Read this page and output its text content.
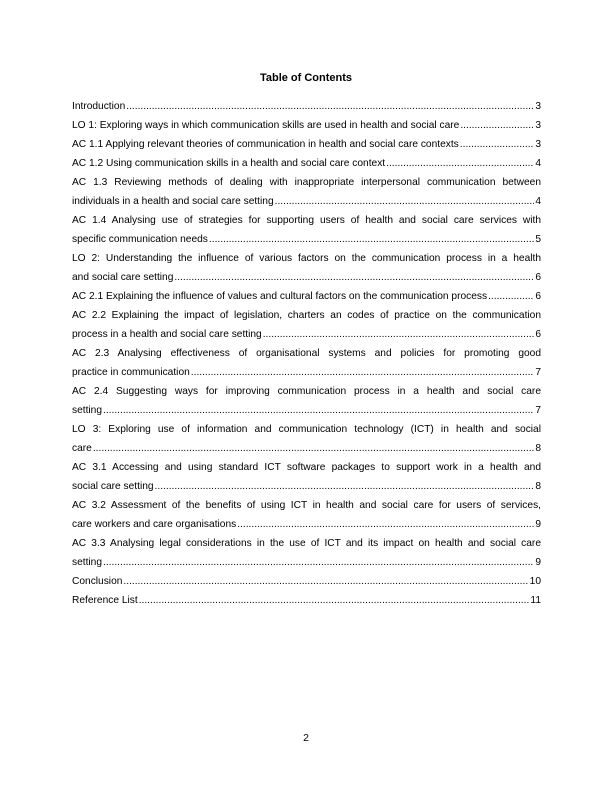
Table of Contents
Introduction .....	3
LO 1: Exploring ways in which communication skills are used in health and social care .....	3
AC 1.1 Applying relevant theories of communication in health and social care contexts .....	3
AC 1.2 Using communication skills in a health and social care context .....	4
AC 1.3 Reviewing methods of dealing with inappropriate interpersonal communication between
individuals in a health and social care setting .....	4
AC 1.4 Analysing use of strategies for supporting users of health and social care services with
specific communication needs .....	5
LO 2: Understanding the influence of various factors on the communication process in a health
and social care setting .....	6
AC 2.1 Explaining the influence of values and cultural factors on the communication process .....	6
AC 2.2 Explaining the impact of legislation, charters an codes of practice on the communication
process in a health and social care setting .....	6
AC 2.3 Analysing effectiveness of organisational systems and policies for promoting good
practice in communication .....	7
AC 2.4 Suggesting ways for improving communication process in a health and social care
setting .....	7
LO 3: Exploring use of information and communication technology (ICT) in health and social
care .....	8
AC 3.1 Accessing and using standard ICT software packages to support work in a health and
social care setting .....	8
AC 3.2 Assessment of the benefits of using ICT in health and social care for users of services,
care workers and care organisations .....	9
AC 3.3 Analysing legal considerations in the use of ICT and its impact on health and social care
setting .....	9
Conclusion .....	10
Reference List .....	11
2
